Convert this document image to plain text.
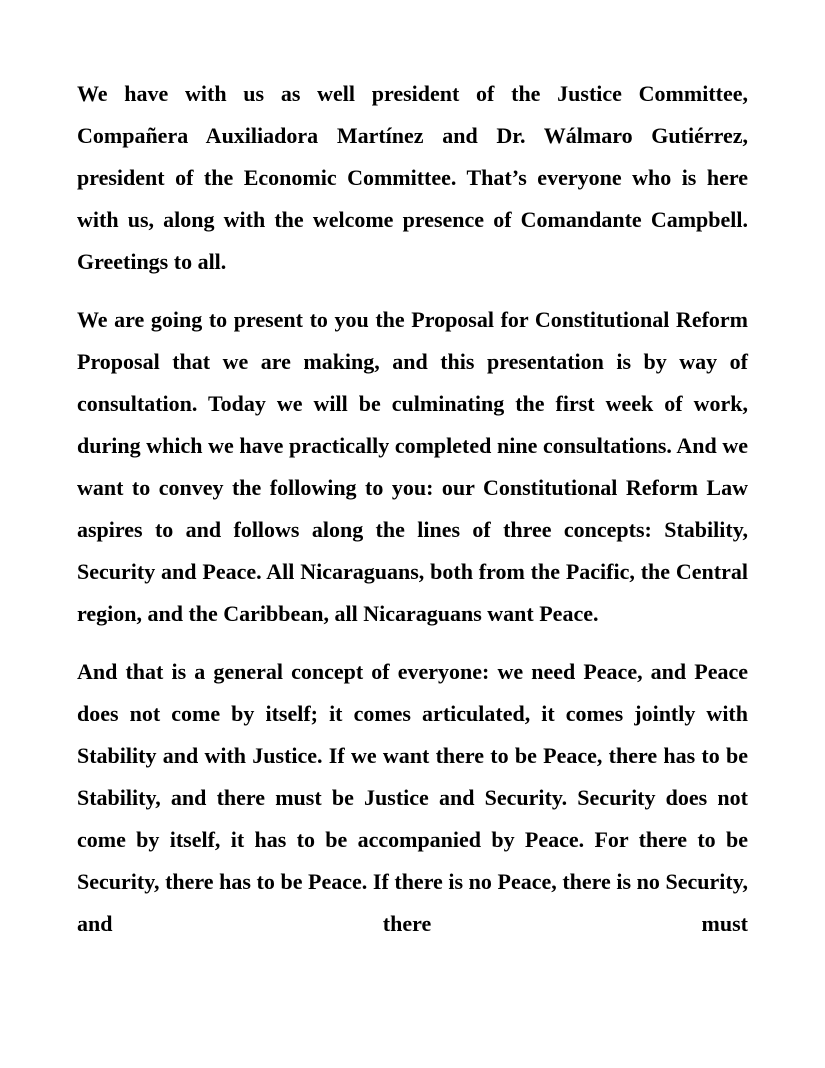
We have with us as well president of the Justice Committee, Compañera Auxiliadora Martínez and Dr. Wálmaro Gutiérrez, president of the Economic Committee. That’s everyone who is here with us, along with the welcome presence of Comandante Campbell. Greetings to all.

We are going to present to you the Proposal for Constitutional Reform Proposal that we are making, and this presentation is by way of consultation. Today we will be culminating the first week of work, during which we have practically completed nine consultations. And we want to convey the following to you: our Constitutional Reform Law aspires to and follows along the lines of three concepts: Stability, Security and Peace. All Nicaraguans, both from the Pacific, the Central region, and the Caribbean, all Nicaraguans want Peace.

And that is a general concept of everyone: we need Peace, and Peace does not come by itself; it comes articulated, it comes jointly with Stability and with Justice. If we want there to be Peace, there has to be Stability, and there must be Justice and Security. Security does not come by itself, it has to be accompanied by Peace. For there to be Security, there has to be Peace. If there is no Peace, there is no Security, and there must
